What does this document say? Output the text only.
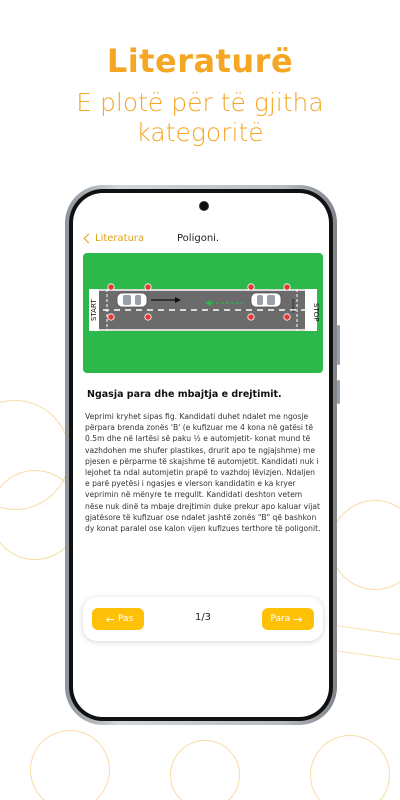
Literaturë
E plotë për të gjitha kategoritë
Literatura	Poligoni.
START	STOP
ZONA B
Ngasja para dhe mbajtja e drejtimit.
Veprimi kryhet sipas fig. Kandidati duhet ndalet me ngosje përpara brenda zonës 'B' (e kufizuar me 4 kona në gatësi të 0.5m dhe në lartësi së paku ½ e automjetit- konat mund të vazhdohen me shufer plastikes, drurit apo te ngjajshme) me pjesen e përparme të skajshme të automjetit. Kandidati nuk i lejohet ta ndal automjetin prapë to vazhdoj lëvizjen. Ndaljen e parë pyetësi i ngasjes e vlerson kandidatin e ka kryer veprimin në mënyre te rregullt. Kandidati deshton vetem nëse nuk dinë ta mbaje drejtimin duke prekur apo kaluar vijat gjatësore të kufizuar ose ndalet jashtë zonës "B" që bashkon dy konat paralel ose kalon vijen kufizues terthore të poligonit.
← Pas	1/3	Para →
